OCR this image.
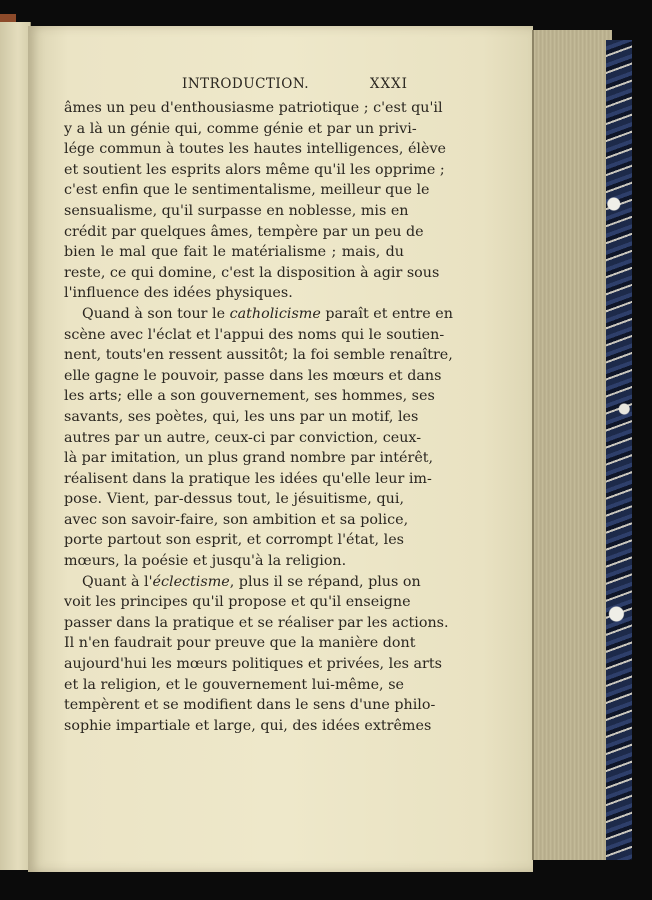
INTRODUCTION.	XXXI
âmes un peu d'enthousiasme patriotique ; c'est qu'il
y a là un génie qui, comme génie et par un privi-
lége commun à toutes les hautes intelligences, élève
et soutient les esprits alors même qu'il les opprime ;
c'est enfin que le sentimentalisme, meilleur que le
sensualisme, qu'il surpasse en noblesse, mis en
crédit par quelques âmes, tempère par un peu de
bien le mal que fait le matérialisme ; mais, du
reste, ce qui domine, c'est la disposition à agir sous
l'influence des idées physiques.
Quand à son tour le catholicisme paraît et entre en
scène avec l'éclat et l'appui des noms qui le soutien-
nent, touts'en ressent aussitôt; la foi semble renaître,
elle gagne le pouvoir, passe dans les mœurs et dans
les arts; elle a son gouvernement, ses hommes, ses
savants, ses poètes, qui, les uns par un motif, les
autres par un autre, ceux-ci par conviction, ceux-
là par imitation, un plus grand nombre par intérêt,
réalisent dans la pratique les idées qu'elle leur im-
pose. Vient, par-dessus tout, le jésuitisme, qui,
avec son savoir-faire, son ambition et sa police,
porte partout son esprit, et corrompt l'état, les
mœurs, la poésie et jusqu'à la religion.
Quant à l'éclectisme, plus il se répand, plus on
voit les principes qu'il propose et qu'il enseigne
passer dans la pratique et se réaliser par les actions.
Il n'en faudrait pour preuve que la manière dont
aujourd'hui les mœurs politiques et privées, les arts
et la religion, et le gouvernement lui-même, se
tempèrent et se modifient dans le sens d'une philo-
sophie impartiale et large, qui, des idées extrêmes
